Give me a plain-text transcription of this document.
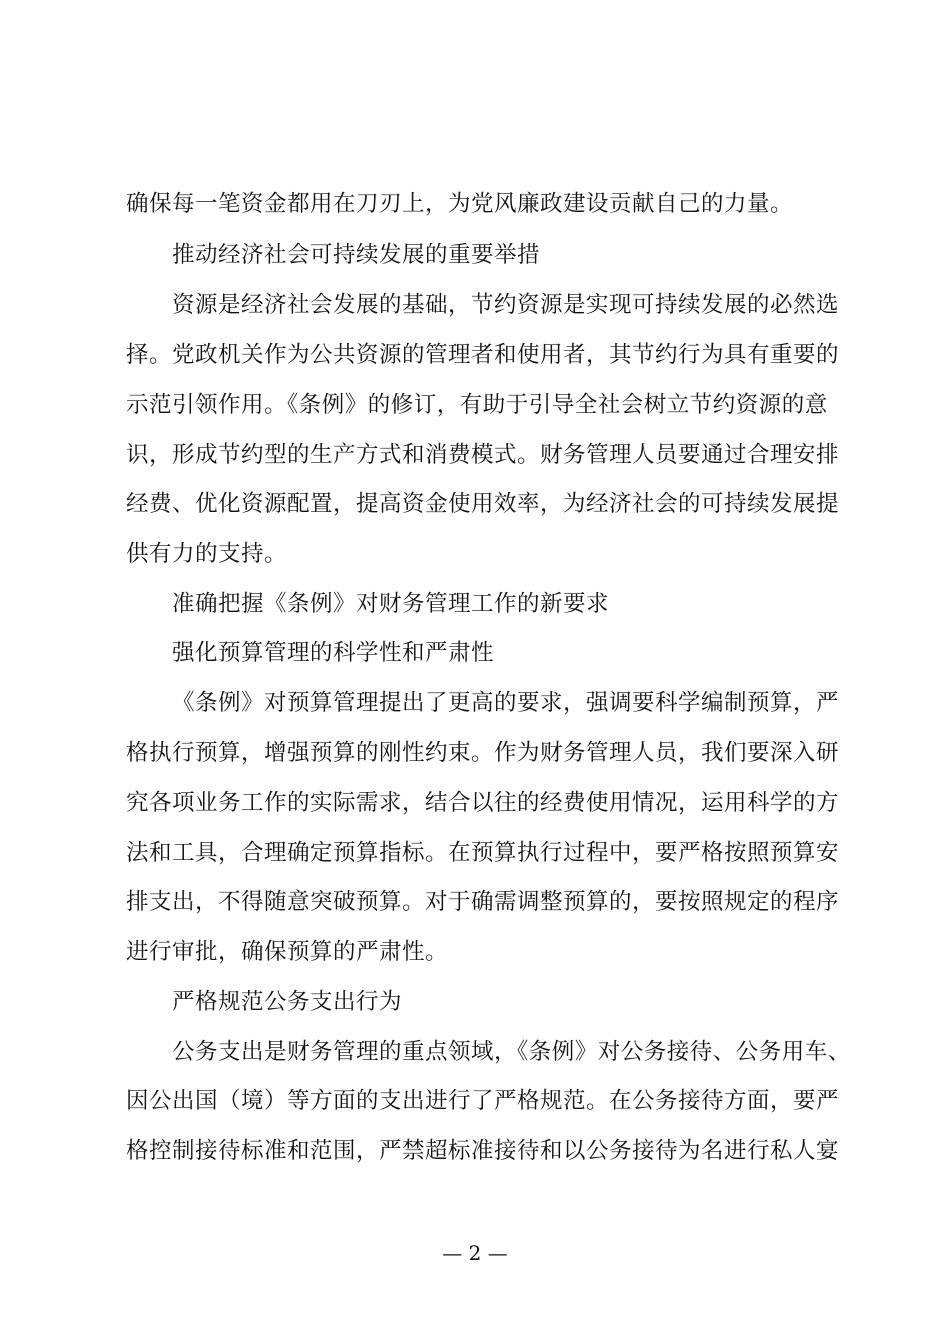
确保每一笔资金都用在刀刃上，为党风廉政建设贡献自己的力量。
推动经济社会可持续发展的重要举措
资源是经济社会发展的基础，节约资源是实现可持续发展的必然选
择。党政机关作为公共资源的管理者和使用者，其节约行为具有重要的
示范引领作用。《条例》的修订，有助于引导全社会树立节约资源的意
识，形成节约型的生产方式和消费模式。财务管理人员要通过合理安排
经费、优化资源配置，提高资金使用效率，为经济社会的可持续发展提
供有力的支持。
准确把握《条例》对财务管理工作的新要求
强化预算管理的科学性和严肃性
《条例》对预算管理提出了更高的要求，强调要科学编制预算，严
格执行预算，增强预算的刚性约束。作为财务管理人员，我们要深入研
究各项业务工作的实际需求，结合以往的经费使用情况，运用科学的方
法和工具，合理确定预算指标。在预算执行过程中，要严格按照预算安
排支出，不得随意突破预算。对于确需调整预算的，要按照规定的程序
进行审批，确保预算的严肃性。
严格规范公务支出行为
公务支出是财务管理的重点领域，《条例》对公务接待、公务用车、
因公出国（境）等方面的支出进行了严格规范。在公务接待方面，要严
格控制接待标准和范围，严禁超标准接待和以公务接待为名进行私人宴
— 2 —
